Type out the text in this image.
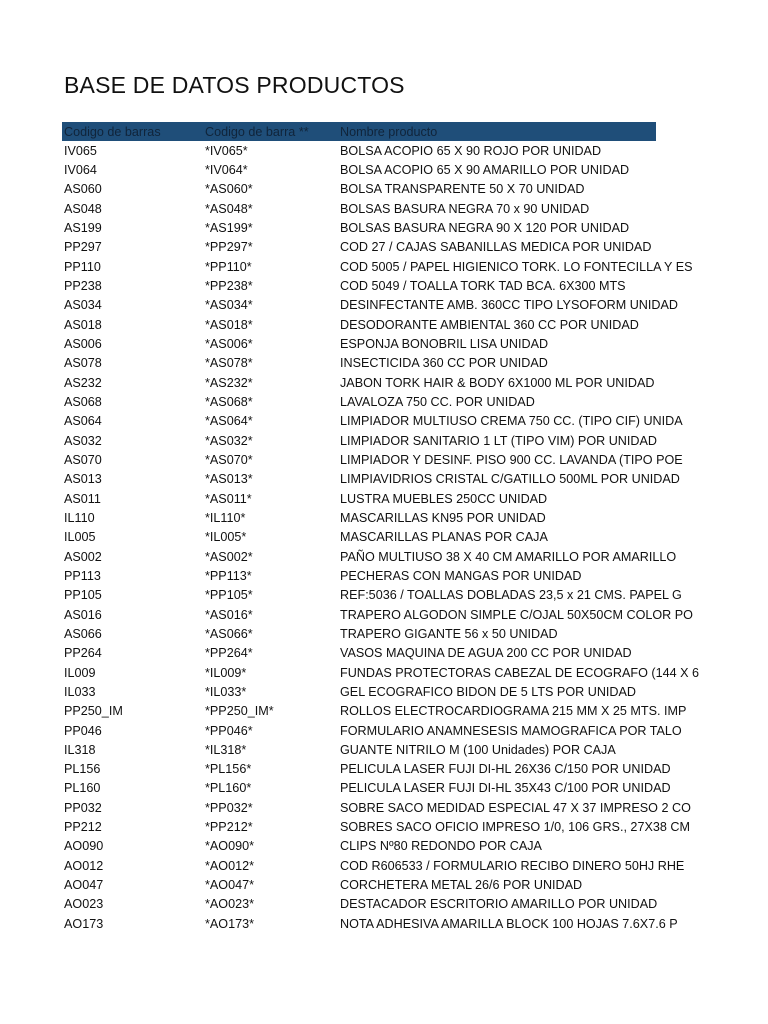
BASE DE DATOS PRODUCTOS
Codigo de barras	Codigo de barra **	Nombre producto
IV065	*IV065*	BOLSA ACOPIO 65 X 90 ROJO POR UNIDAD
IV064	*IV064*	BOLSA ACOPIO 65 X 90 AMARILLO POR UNIDAD
AS060	*AS060*	BOLSA TRANSPARENTE 50 X 70 UNIDAD
AS048	*AS048*	BOLSAS BASURA NEGRA 70 x 90 UNIDAD
AS199	*AS199*	BOLSAS BASURA NEGRA 90 X 120 POR UNIDAD
PP297	*PP297*	COD 27 / CAJAS SABANILLAS MEDICA POR UNIDAD
PP110	*PP110*	COD 5005 / PAPEL HIGIENICO TORK. LO FONTECILLA Y ES
PP238	*PP238*	COD 5049 / TOALLA TORK TAD BCA. 6X300 MTS
AS034	*AS034*	DESINFECTANTE AMB. 360CC TIPO LYSOFORM UNIDAD
AS018	*AS018*	DESODORANTE AMBIENTAL 360 CC POR UNIDAD
AS006	*AS006*	ESPONJA BONOBRIL LISA UNIDAD
AS078	*AS078*	INSECTICIDA 360 CC POR UNIDAD
AS232	*AS232*	JABON TORK HAIR & BODY 6X1000 ML POR UNIDAD
AS068	*AS068*	LAVALOZA 750 CC. POR UNIDAD
AS064	*AS064*	LIMPIADOR MULTIUSO CREMA 750 CC. (TIPO CIF) UNIDA
AS032	*AS032*	LIMPIADOR SANITARIO 1 LT (TIPO VIM) POR UNIDAD
AS070	*AS070*	LIMPIADOR Y DESINF. PISO 900 CC. LAVANDA (TIPO POE
AS013	*AS013*	LIMPIAVIDRIOS CRISTAL C/GATILLO 500ML POR UNIDAD
AS011	*AS011*	LUSTRA MUEBLES 250CC UNIDAD
IL110	*IL110*	MASCARILLAS KN95 POR UNIDAD
IL005	*IL005*	MASCARILLAS PLANAS POR CAJA
AS002	*AS002*	PAÑO MULTIUSO 38 X 40 CM AMARILLO POR AMARILLO
PP113	*PP113*	PECHERAS CON MANGAS POR UNIDAD
PP105	*PP105*	REF:5036 / TOALLAS DOBLADAS 23,5 x 21 CMS. PAPEL G
AS016	*AS016*	TRAPERO ALGODON SIMPLE C/OJAL 50X50CM COLOR PO
AS066	*AS066*	TRAPERO GIGANTE 56 x 50 UNIDAD
PP264	*PP264*	VASOS MAQUINA DE AGUA 200 CC POR UNIDAD
IL009	*IL009*	FUNDAS PROTECTORAS CABEZAL DE ECOGRAFO (144 X 6
IL033	*IL033*	GEL ECOGRAFICO BIDON DE 5 LTS POR UNIDAD
PP250_IM	*PP250_IM*	ROLLOS ELECTROCARDIOGRAMA 215 MM X 25 MTS. IMP
PP046	*PP046*	FORMULARIO ANAMNESESIS MAMOGRAFICA POR TALO
IL318	*IL318*	GUANTE NITRILO M (100 Unidades) POR CAJA
PL156	*PL156*	PELICULA LASER FUJI DI-HL 26X36 C/150 POR UNIDAD
PL160	*PL160*	PELICULA LASER FUJI DI-HL 35X43 C/100 POR UNIDAD
PP032	*PP032*	SOBRE SACO MEDIDAD ESPECIAL 47 X 37 IMPRESO 2 CO
PP212	*PP212*	SOBRES SACO OFICIO IMPRESO 1/0, 106 GRS., 27X38 CM
AO090	*AO090*	CLIPS Nº80 REDONDO POR CAJA
AO012	*AO012*	COD R606533 / FORMULARIO RECIBO DINERO 50HJ RHE
AO047	*AO047*	CORCHETERA METAL 26/6 POR UNIDAD
AO023	*AO023*	DESTACADOR ESCRITORIO AMARILLO POR UNIDAD
AO173	*AO173*	NOTA ADHESIVA AMARILLA BLOCK 100 HOJAS 7.6X7.6 P
